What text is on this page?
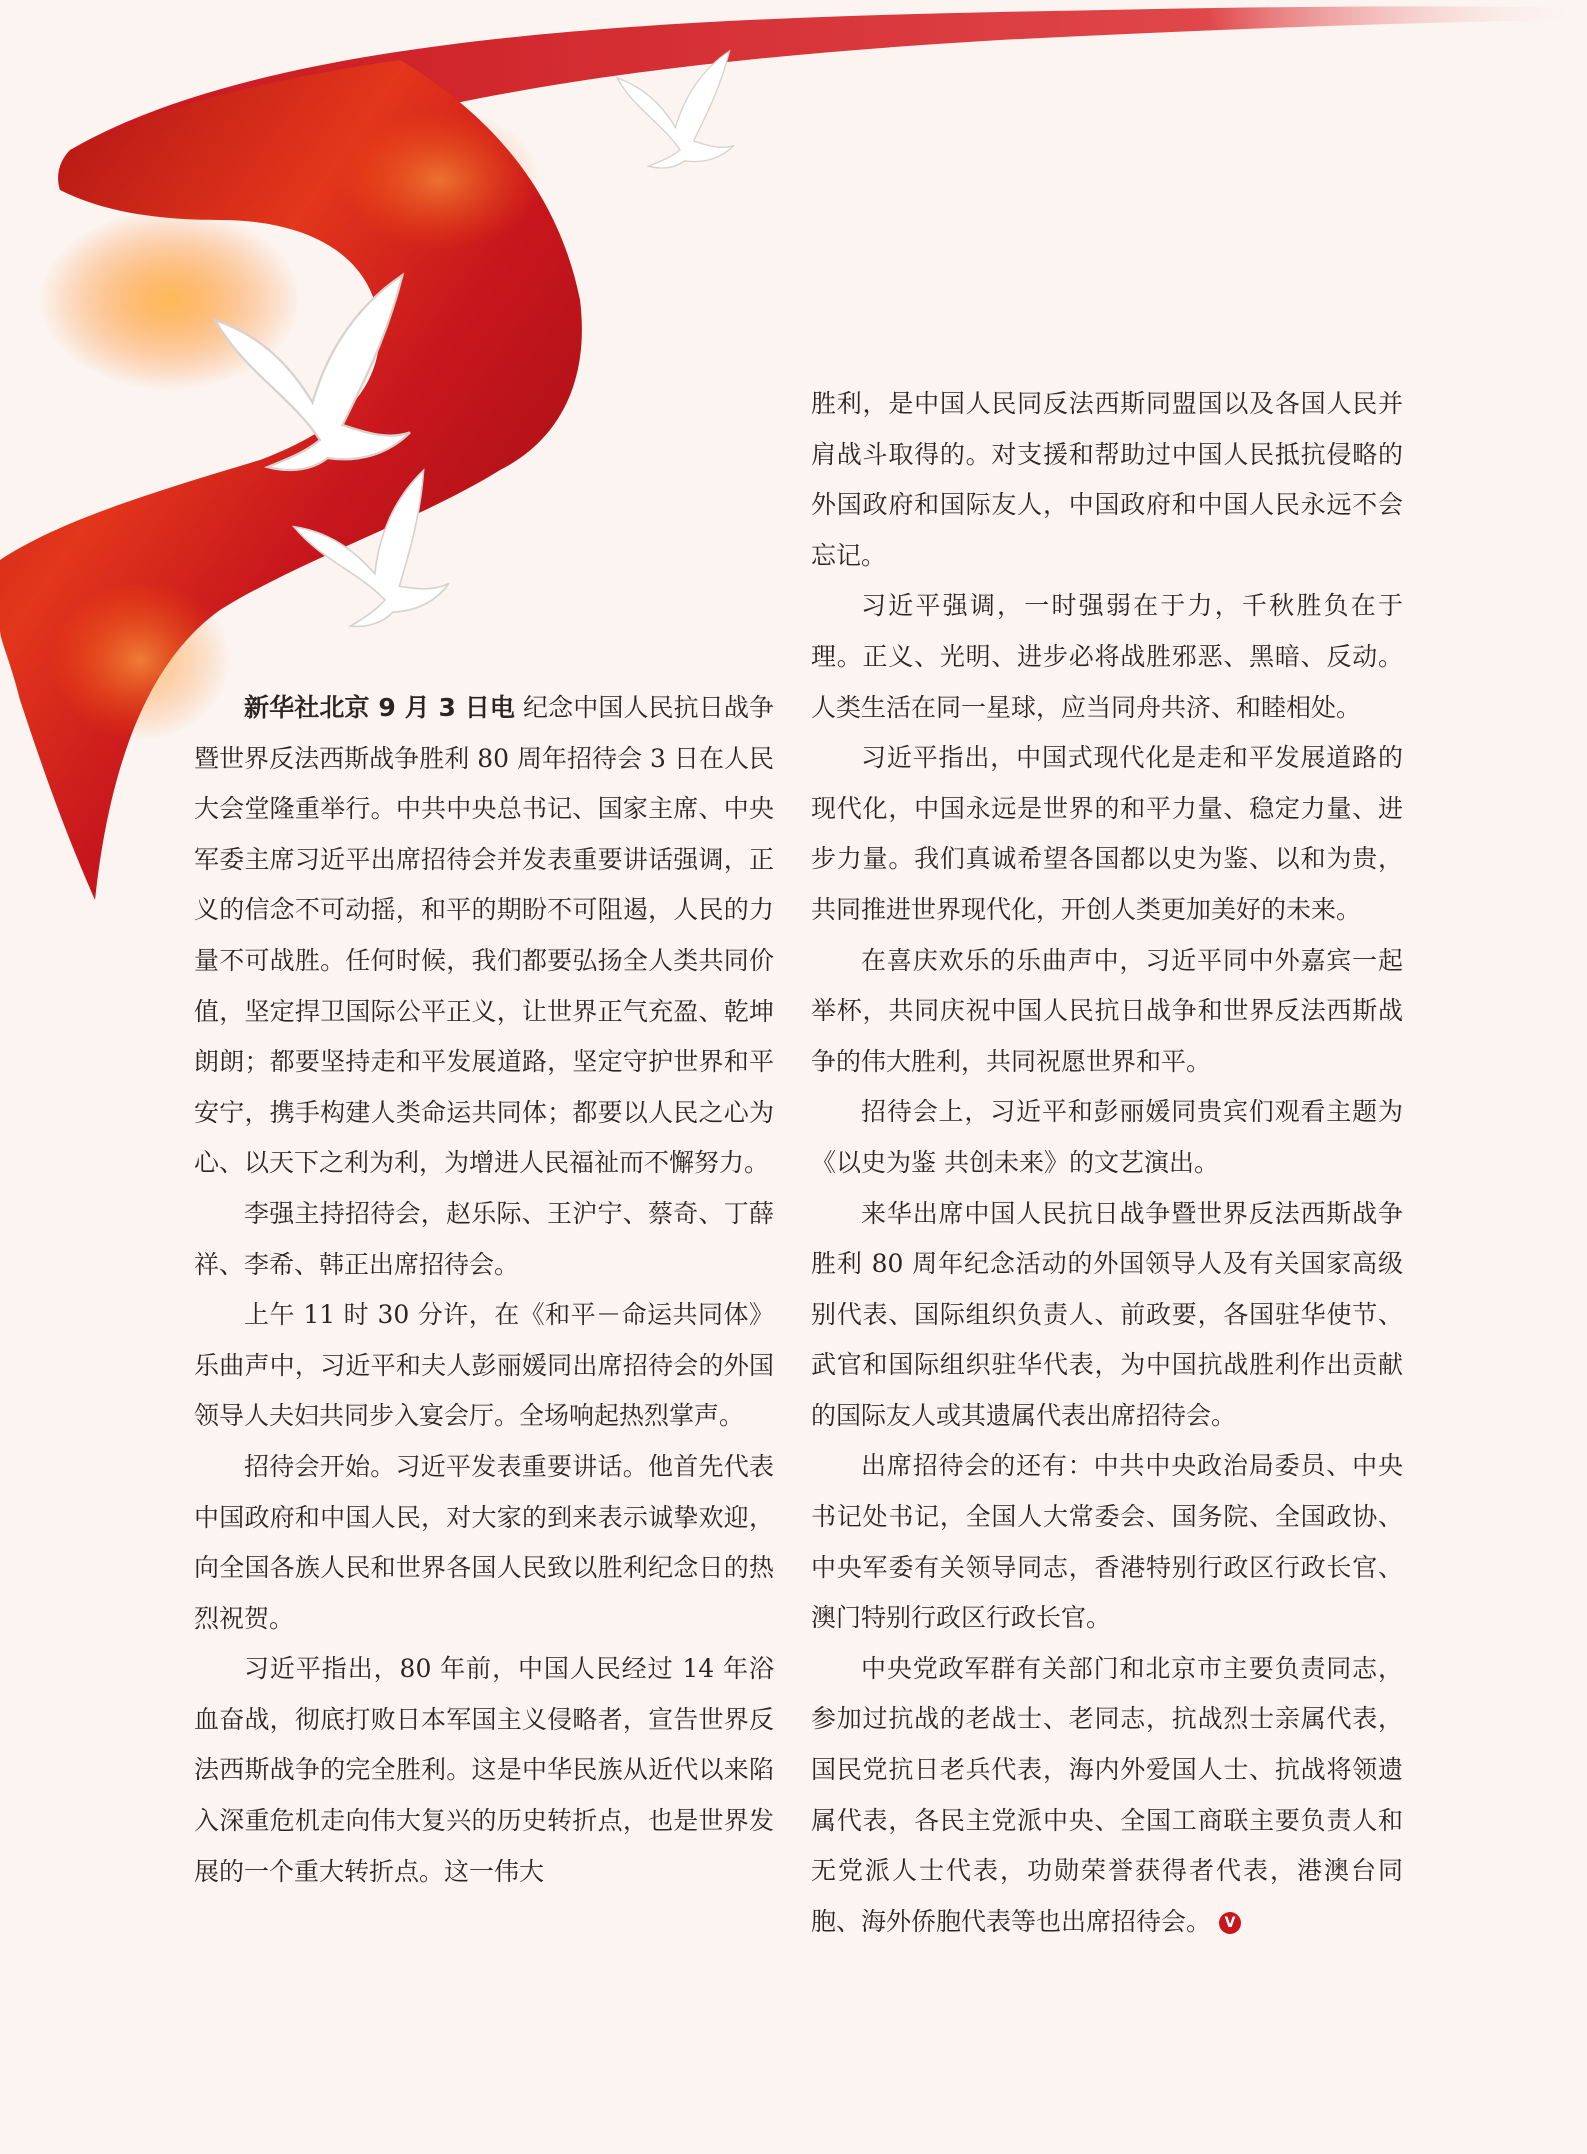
新华社北京 9 月 3 日电 纪念中国人民抗日战争暨世界反法西斯战争胜利 80 周年招待会 3 日在人民大会堂隆重举行。中共中央总书记、国家主席、中央军委主席习近平出席招待会并发表重要讲话强调，正义的信念不可动摇，和平的期盼不可阻遏，人民的力量不可战胜。任何时候，我们都要弘扬全人类共同价值，坚定捍卫国际公平正义，让世界正气充盈、乾坤朗朗；都要坚持走和平发展道路，坚定守护世界和平安宁，携手构建人类命运共同体；都要以人民之心为心、以天下之利为利，为增进人民福祉而不懈努力。

李强主持招待会，赵乐际、王沪宁、蔡奇、丁薛祥、李希、韩正出席招待会。

上午 11 时 30 分许，在《和平－命运共同体》乐曲声中，习近平和夫人彭丽媛同出席招待会的外国领导人夫妇共同步入宴会厅。全场响起热烈掌声。

招待会开始。习近平发表重要讲话。他首先代表中国政府和中国人民，对大家的到来表示诚挚欢迎，向全国各族人民和世界各国人民致以胜利纪念日的热烈祝贺。

习近平指出，80 年前，中国人民经过 14 年浴血奋战，彻底打败日本军国主义侵略者，宣告世界反法西斯战争的完全胜利。这是中华民族从近代以来陷入深重危机走向伟大复兴的历史转折点，也是世界发展的一个重大转折点。这一伟大

胜利，是中国人民同反法西斯同盟国以及各国人民并肩战斗取得的。对支援和帮助过中国人民抵抗侵略的外国政府和国际友人，中国政府和中国人民永远不会忘记。

习近平强调，一时强弱在于力，千秋胜负在于理。正义、光明、进步必将战胜邪恶、黑暗、反动。人类生活在同一星球，应当同舟共济、和睦相处。

习近平指出，中国式现代化是走和平发展道路的现代化，中国永远是世界的和平力量、稳定力量、进步力量。我们真诚希望各国都以史为鉴、以和为贵，共同推进世界现代化，开创人类更加美好的未来。

在喜庆欢乐的乐曲声中，习近平同中外嘉宾一起举杯，共同庆祝中国人民抗日战争和世界反法西斯战争的伟大胜利，共同祝愿世界和平。

招待会上，习近平和彭丽媛同贵宾们观看主题为《以史为鉴 共创未来》的文艺演出。

来华出席中国人民抗日战争暨世界反法西斯战争胜利 80 周年纪念活动的外国领导人及有关国家高级别代表、国际组织负责人、前政要，各国驻华使节、武官和国际组织驻华代表，为中国抗战胜利作出贡献的国际友人或其遗属代表出席招待会。

出席招待会的还有：中共中央政治局委员、中央书记处书记，全国人大常委会、国务院、全国政协、中央军委有关领导同志，香港特别行政区行政长官、澳门特别行政区行政长官。

中央党政军群有关部门和北京市主要负责同志，参加过抗战的老战士、老同志，抗战烈士亲属代表，国民党抗日老兵代表，海内外爱国人士、抗战将领遗属代表，各民主党派中央、全国工商联主要负责人和无党派人士代表，功勋荣誉获得者代表，港澳台同胞、海外侨胞代表等也出席招待会。 V
